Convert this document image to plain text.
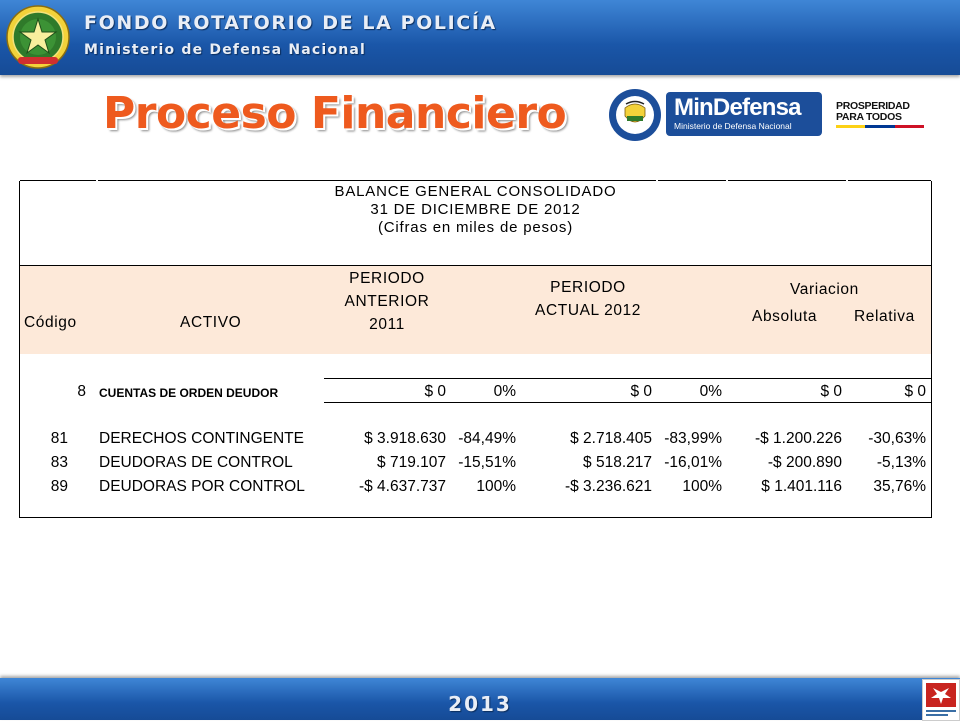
FONDO ROTATORIO DE LA POLICÍA
Ministerio de Defensa Nacional
Proceso Financiero	MinDefensa
Ministerio de Defensa Nacional
PROSPERIDAD
PARA TODOS
BALANCE GENERAL CONSOLIDADO
31 DE DICIEMBRE DE 2012
(Cifras en miles de pesos)
Código	ACTIVO
PERIODO
ANTERIOR
2011
PERIODO
ACTUAL 2012
Variacion
Absoluta Relativa
8 CUENTAS DE ORDEN DEUDOR	$ 0	0%	$ 0	0%	$ 0	$ 0
81 DERECHOS CONTINGENTE	$ 3.918.630 -84,49%	$ 2.718.405 -83,99%	-$ 1.200.226	-30,63%
83 DEUDORAS DE CONTROL	$ 719.107 -15,51%	$ 518.217 -16,01%	-$ 200.890	-5,13%
89 DEUDORAS POR CONTROL	-$ 4.637.737	100%	-$ 3.236.621	100%	$ 1.401.116	35,76%
2013
